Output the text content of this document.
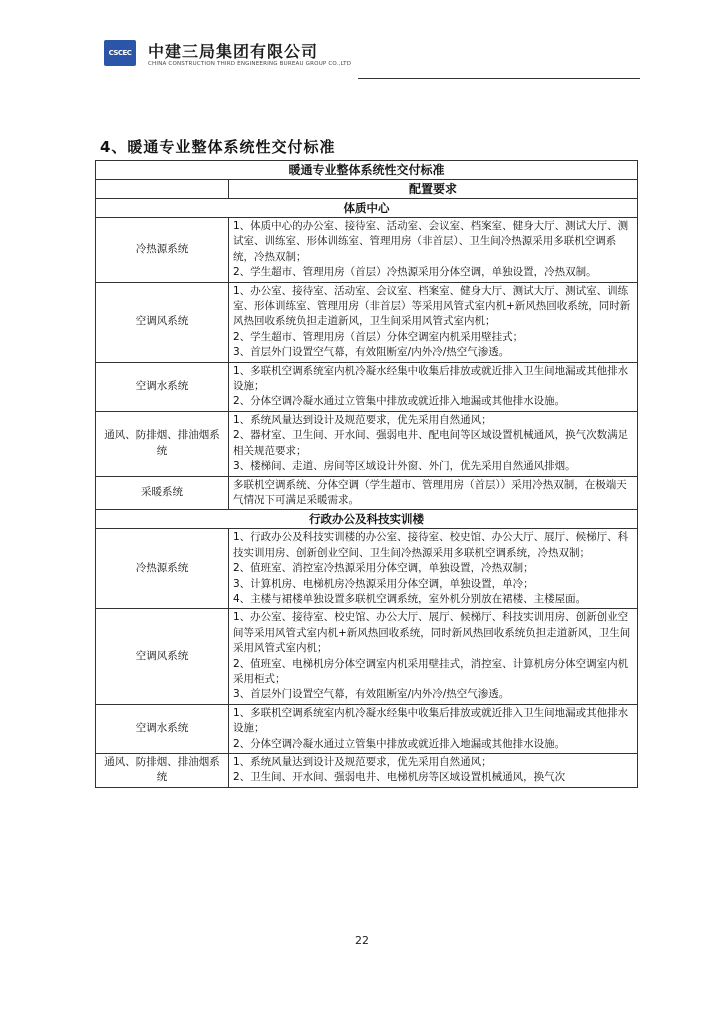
CSCEC 中建三局集团有限公司
CHINA CONSTRUCTION THIRD ENGINEERING BUREAU GROUP CO.,LTD
4、暖通专业整体系统性交付标准
暖通专业整体系统性交付标准	
	配置要求
体质中心	
冷热源系统	1、体质中心的办公室、接待室、活动室、会议室、档案室、健身大厅、测试大厅、测试室、训练室、形体训练室、管理用房（非首层）、卫生间冷热源采用多联机空调系统，冷热双制；
2、学生超市、管理用房（首层）冷热源采用分体空调，单独设置，冷热双制。

空调风系统	1、办公室、接待室、活动室、会议室、档案室、健身大厅、测试大厅、测试室、训练室、形体训练室、管理用房（非首层）等采用风管式室内机+新风热回收系统，同时新风热回收系统负担走道新风，卫生间采用风管式室内机；
2、学生超市、管理用房（首层）分体空调室内机采用壁挂式；
3、首层外门设置空气幕，有效阻断室/内外冷/热空气渗透。

空调水系统	1、多联机空调系统室内机冷凝水经集中收集后排放或就近排入卫生间地漏或其他排水设施；
2、分体空调冷凝水通过立管集中排放或就近排入地漏或其他排水设施。

通风、防排烟、排油烟系统	1、系统风量达到设计及规范要求，优先采用自然通风；
2、器材室、卫生间、开水间、强弱电井、配电间等区域设置机械通风，换气次数满足相关规范要求；
3、楼梯间、走道、房间等区域设计外窗、外门，优先采用自然通风排烟。

采暖系统	多联机空调系统、分体空调（学生超市、管理用房（首层））采用冷热双制，在极端天气情况下可满足采暖需求。

行政办公及科技实训楼	
冷热源系统	1、行政办公及科技实训楼的办公室、接待室、校史馆、办公大厅、展厅、候梯厅、科技实训用房、创新创业空间、卫生间冷热源采用多联机空调系统，冷热双制；
2、值班室、消控室冷热源采用分体空调，单独设置，冷热双制；
3、计算机房、电梯机房冷热源采用分体空调，单独设置，单冷；
4、主楼与裙楼单独设置多联机空调系统，室外机分别放在裙楼、主楼屋面。

空调风系统	1、办公室、接待室、校史馆、办公大厅、展厅、候梯厅、科技实训用房、创新创业空间等采用风管式室内机+新风热回收系统，同时新风热回收系统负担走道新风，卫生间采用风管式室内机；
2、值班室、电梯机房分体空调室内机采用壁挂式，消控室、计算机房分体空调室内机采用柜式；
3、首层外门设置空气幕，有效阻断室/内外冷/热空气渗透。

空调水系统	1、多联机空调系统室内机冷凝水经集中收集后排放或就近排入卫生间地漏或其他排水设施；
2、分体空调冷凝水通过立管集中排放或就近排入地漏或其他排水设施。

通风、防排烟、排油烟系统	1、系统风量达到设计及规范要求，优先采用自然通风；
2、卫生间、开水间、强弱电井、电梯机房等区域设置机械通风，换气次
22
